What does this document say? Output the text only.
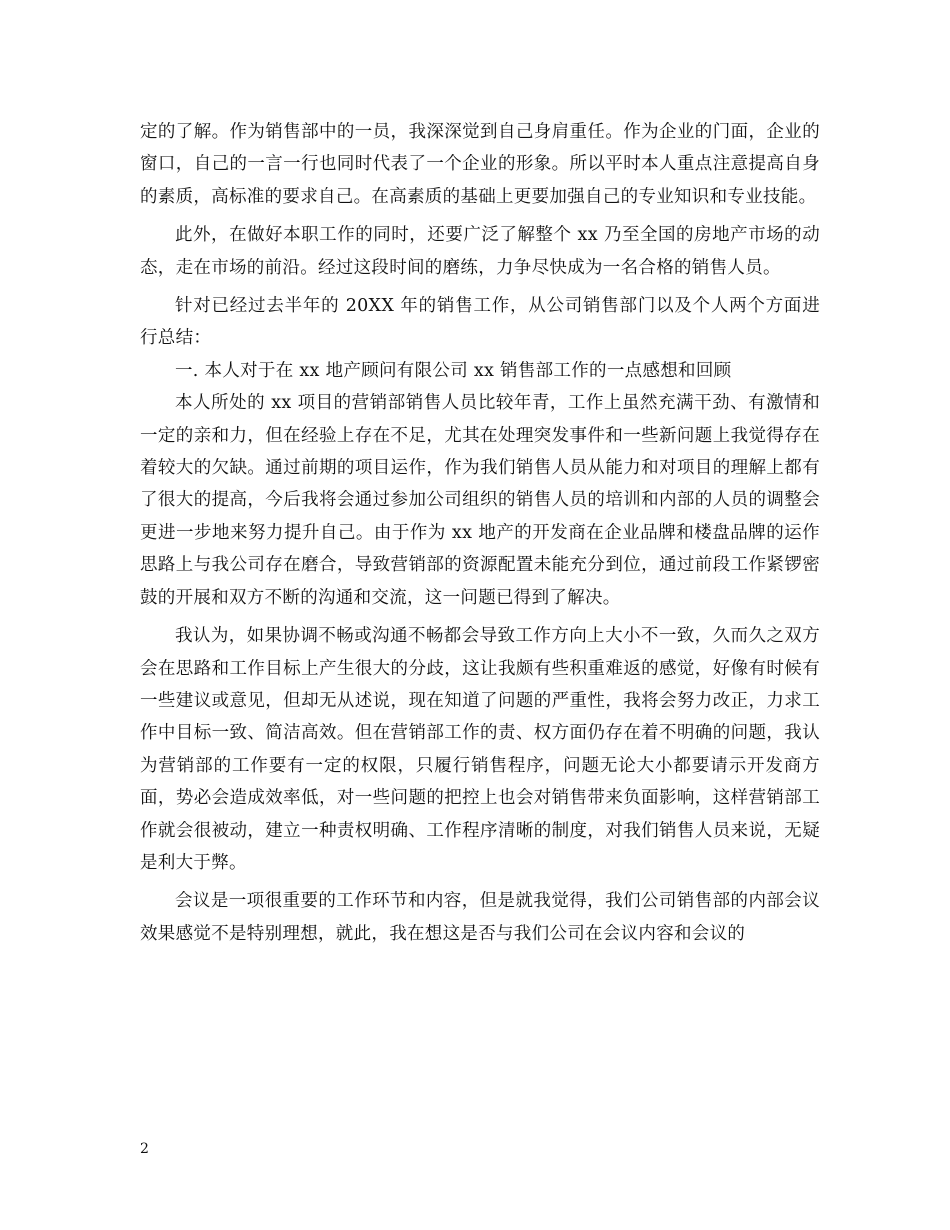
定的了解。作为销售部中的一员，我深深觉到自己身肩重任。作为企业的门面，企业的窗口，自己的一言一行也同时代表了一个企业的形象。所以平时本人重点注意提高自身的素质，高标准的要求自己。在高素质的基础上更要加强自己的专业知识和专业技能。

此外，在做好本职工作的同时，还要广泛了解整个 xx 乃至全国的房地产市场的动态，走在市场的前沿。经过这段时间的磨练，力争尽快成为一名合格的销售人员。

针对已经过去半年的 20XX 年的销售工作，从公司销售部门以及个人两个方面进行总结：

一. 本人对于在 xx 地产顾问有限公司 xx 销售部工作的一点感想和回顾

本人所处的 xx 项目的营销部销售人员比较年青，工作上虽然充满干劲、有激情和一定的亲和力，但在经验上存在不足，尤其在处理突发事件和一些新问题上我觉得存在着较大的欠缺。通过前期的项目运作，作为我们销售人员从能力和对项目的理解上都有了很大的提高，今后我将会通过参加公司组织的销售人员的培训和内部的人员的调整会更进一步地来努力提升自己。由于作为 xx 地产的开发商在企业品牌和楼盘品牌的运作思路上与我公司存在磨合，导致营销部的资源配置未能充分到位，通过前段工作紧锣密鼓的开展和双方不断的沟通和交流，这一问题已得到了解决。

我认为，如果协调不畅或沟通不畅都会导致工作方向上大小不一致，久而久之双方会在思路和工作目标上产生很大的分歧，这让我颇有些积重难返的感觉，好像有时候有一些建议或意见，但却无从述说，现在知道了问题的严重性，我将会努力改正，力求工作中目标一致、简洁高效。但在营销部工作的责、权方面仍存在着不明确的问题，我认为营销部的工作要有一定的权限，只履行销售程序，问题无论大小都要请示开发商方面，势必会造成效率低，对一些问题的把控上也会对销售带来负面影响，这样营销部工作就会很被动，建立一种责权明确、工作程序清晰的制度，对我们销售人员来说，无疑是利大于弊。

会议是一项很重要的工作环节和内容，但是就我觉得，我们公司销售部的内部会议效果感觉不是特别理想，就此，我在想这是否与我们公司在会议内容和会议的

2
